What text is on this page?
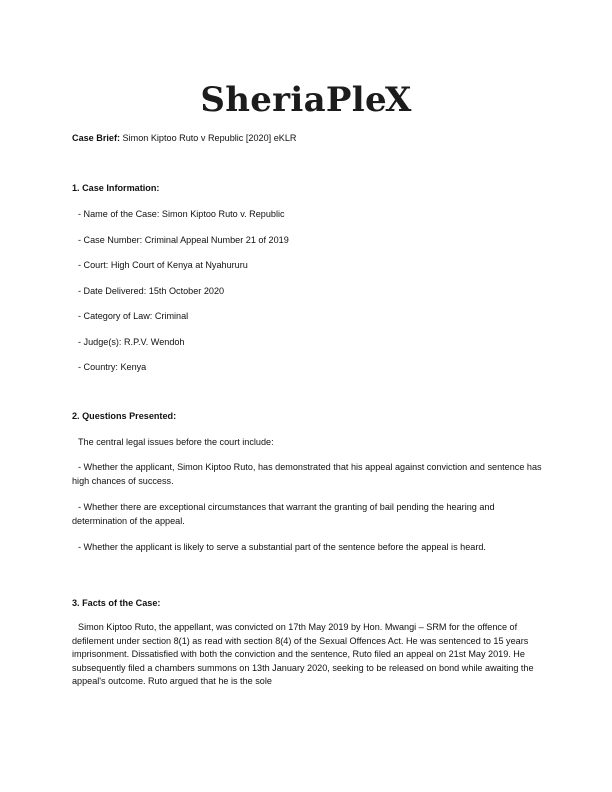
SheriaPleX
Case Brief: Simon Kiptoo Ruto v Republic [2020] eKLR
1. Case Information:
- Name of the Case: Simon Kiptoo Ruto v. Republic
- Case Number: Criminal Appeal Number 21 of 2019
- Court: High Court of Kenya at Nyahururu
- Date Delivered: 15th October 2020
- Category of Law: Criminal
- Judge(s): R.P.V. Wendoh
- Country: Kenya
2. Questions Presented:
The central legal issues before the court include:
- Whether the applicant, Simon Kiptoo Ruto, has demonstrated that his appeal against conviction and sentence has high chances of success.
- Whether there are exceptional circumstances that warrant the granting of bail pending the hearing and determination of the appeal.
- Whether the applicant is likely to serve a substantial part of the sentence before the appeal is heard.
3. Facts of the Case:
Simon Kiptoo Ruto, the appellant, was convicted on 17th May 2019 by Hon. Mwangi – SRM for the offence of defilement under section 8(1) as read with section 8(4) of the Sexual Offences Act. He was sentenced to 15 years imprisonment. Dissatisfied with both the conviction and the sentence, Ruto filed an appeal on 21st May 2019. He subsequently filed a chambers summons on 13th January 2020, seeking to be released on bond while awaiting the appeal's outcome. Ruto argued that he is the sole
